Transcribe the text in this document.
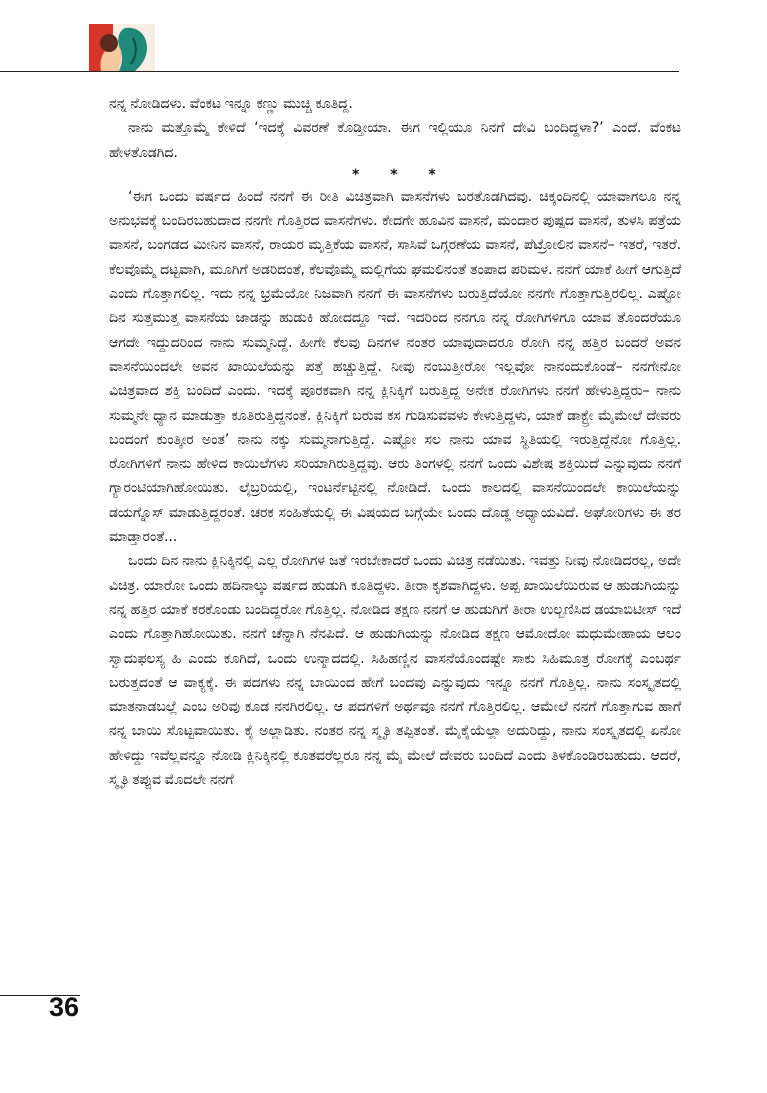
ನನ್ನ ನೋಡಿದಳು. ವೆಂಕಟ ಇನ್ನೂ ಕಣ್ಣು ಮುಚ್ಚಿ ಕೂತಿದ್ದ.

ನಾನು ಮತ್ತೊಮ್ಮೆ ಕೇಳಿದೆ ‘ಇದಕ್ಕೆ ವಿವರಣೆ ಕೊಡ್ತೀಯಾ. ಈಗ ಇಲ್ಲಿಯೂ ನಿನಗೆ ದೇವಿ ಬಂದಿದ್ದಳಾ?’ ಎಂದೆ. ವೆಂಕಟ ಹೇಳತೊಡಗಿದ.

* * *

‘ಈಗ ಒಂದು ವರ್ಷದ ಹಿಂದೆ ನನಗೆ ಈ ರೀತಿ ವಿಚಿತ್ರವಾಗಿ ವಾಸನೆಗಳು ಬರತೊಡಗಿದವು. ಚಿಕ್ಕಂದಿನಲ್ಲಿ ಯಾವಾಗಲೂ ನನ್ನ ಅನುಭವಕ್ಕೆ ಬಂದಿರಬಹುದಾದ ನನಗೇ ಗೊತ್ತಿರದ ವಾಸನೆಗಳು. ಕೇದಗೇ ಹೂವಿನ ವಾಸನೆ, ಮಂದಾರ ಪುಷ್ಪದ ವಾಸನೆ, ತುಳಸಿ ಪತ್ರೆಯ ವಾಸನೆ, ಬಂಗಡದ ಮೀನಿನ ವಾಸನೆ, ರಾಯರ ಮೃತ್ತಿಕೆಯ ವಾಸನೆ, ಸಾಸಿವೆ ಒಗ್ಗರಣೆಯ ವಾಸನೆ, ಪೆಟ್ರೋಲಿನ ವಾಸನೆ– ಇತರೆ, ಇತರೆ. ಕೆಲವೊಮ್ಮೆ ದಟ್ಟವಾಗಿ, ಮೂಗಿಗೆ ಅಡರಿದಂತೆ, ಕೆಲವೊಮ್ಮೆ ಮಲ್ಲಿಗೆಯ ಘಮಲಿನಂತೆ ತಂಪಾದ ಪರಿಮಳ. ನನಗೆ ಯಾಕೆ ಹೀಗೆ ಆಗುತ್ತಿದೆ ಎಂದು ಗೊತ್ತಾಗಲಿಲ್ಲ. ಇದು ನನ್ನ ಭ್ರಮೆಯೋ ನಿಜವಾಗಿ ನನಗೆ ಈ ವಾಸನೆಗಳು ಬರುತ್ತಿದೆಯೋ ನನಗೇ ಗೊತ್ತಾಗುತ್ತಿರಲಿಲ್ಲ. ಎಷ್ಟೋ ದಿನ ಸುತ್ತಮುತ್ತ ವಾಸನೆಯ ಜಾಡನ್ನು ಹುಡುಕಿ ಹೋದದ್ದೂ ಇದೆ. ಇದರಿಂದ ನನಗೂ ನನ್ನ ರೋಗಿಗಳಿಗೂ ಯಾವ ತೊಂದರೆಯೂ ಆಗದೇ ಇದ್ದುದರಿಂದ ನಾನು ಸುಮ್ಮನಿದ್ದೆ. ಹೀಗೇ ಕೆಲವು ದಿನಗಳ ನಂತರ ಯಾವುದಾದರೂ ರೋಗಿ ನನ್ನ ಹತ್ತಿರ ಬಂದರೆ ಅವನ ವಾಸನೆಯಿಂದಲೇ ಅವನ ಖಾಯಿಲೆಯನ್ನು ಪತ್ತೆ ಹಚ್ಚುತ್ತಿದ್ದೆ. ನೀವು ನಂಬುತ್ತೀರೋ ಇಲ್ಲವೋ ನಾನಂದುಕೊಂಡೆ– ನನಗೇನೋ ವಿಚಿತ್ರವಾದ ಶಕ್ತಿ ಬಂದಿದೆ ಎಂದು. ಇದಕ್ಕೆ ಪೂರಕವಾಗಿ ನನ್ನ ಕ್ಲಿನಿಕ್ಕಿಗೆ ಬರುತ್ತಿದ್ದ ಅನೇಕ ರೋಗಿಗಳು ನನಗೆ ಹೇಳುತ್ತಿದ್ದರು– ನಾನು ಸುಮ್ಮನೇ ಧ್ಯಾನ ಮಾಡುತ್ತಾ ಕೂತಿರುತ್ತಿದ್ದನಂತೆ. ಕ್ಲಿನಿಕ್ಕಿಗೆ ಬರುವ ಕಸ ಗುಡಿಸುವವಳು ಕೇಳುತ್ತಿದ್ದಳು, ಯಾಕೆ ಡಾಕ್ಟ್ರೇ ಮೈಮೇಲೆ ದೇವರು ಬಂದಂಗೆ ಕುಂತ್ಕೀರ ಅಂತ’ ನಾನು ನಕ್ಕು ಸುಮ್ಮನಾಗುತ್ತಿದ್ದೆ. ಎಷ್ಟೋ ಸಲ ನಾನು ಯಾವ ಸ್ಥಿತಿಯಲ್ಲಿ ಇರುತ್ತಿದ್ದೆನೋ ಗೊತ್ತಿಲ್ಲ. ರೋಗಿಗಳಿಗೆ ನಾನು ಹೇಳಿದ ಕಾಯಿಲೆಗಳು ಸರಿಯಾಗಿರುತ್ತಿದ್ದವು. ಆರು ತಿಂಗಳಲ್ಲಿ ನನಗೆ ಒಂದು ವಿಶೇಷ ಶಕ್ತಿಯಿದೆ ಎನ್ನುವುದು ನನಗೆ ಗ್ಯಾರಂಟಿಯಾಗಿಹೋಯಿತು. ಲೈಬ್ರರಿಯಲ್ಲಿ, ಇಂಟರ್ನೆಟ್ಟಿನಲ್ಲಿ ನೋಡಿದೆ. ಒಂದು ಕಾಲದಲ್ಲಿ ವಾಸನೆಯಿಂದಲೇ ಕಾಯಿಲೆಯನ್ನು ಡಯಗ್ನೊಸ್ ಮಾಡುತ್ತಿದ್ದರಂತೆ. ಚರಕ ಸಂಹಿತೆಯಲ್ಲಿ ಈ ವಿಷಯದ ಬಗ್ಗೆಯೇ ಒಂದು ದೊಡ್ಡ ಅಧ್ಯಾಯವಿದೆ. ಅಘೋರಿಗಳು ಈ ತರ ಮಾಡ್ತಾರಂತೆ...

ಒಂದು ದಿನ ನಾನು ಕ್ಲಿನಿಕ್ಕಿನಲ್ಲಿ ಎಲ್ಲ ರೋಗಿಗಳ ಜತೆ ಇರಬೇಕಾದರೆ ಒಂದು ವಿಚಿತ್ರ ನಡೆಯಿತು. ಇವತ್ತು ನೀವು ನೋಡಿದರಲ್ಲ, ಅದೇ ವಿಚಿತ್ರ. ಯಾರೋ ಒಂದು ಹದಿನಾಲ್ಕು ವರ್ಷದ ಹುಡುಗಿ ಕೂತಿದ್ದಳು. ತೀರಾ ಕೃಶವಾಗಿದ್ದಳು. ಅಪ್ಪ ಖಾಯಿಲೆಯಿರುವ ಆ ಹುಡುಗಿಯನ್ನು ನನ್ನ ಹತ್ತಿರ ಯಾಕೆ ಕರಕೊಂಡು ಬಂದಿದ್ದರೋ ಗೊತ್ತಿಲ್ಲ. ನೋಡಿದ ತಕ್ಷಣ ನನಗೆ ಆ ಹುಡುಗಿಗೆ ತೀರಾ ಉಲ್ಬಣಿಸಿದ ಡಯಾಬಿಟೀಸ್ ಇದೆ ಎಂದು ಗೊತ್ತಾಗಿಹೋಯಿತು. ನನಗೆ ಚೆನ್ನಾಗಿ ನೆನಪಿದೆ. ಆ ಹುಡುಗಿಯನ್ನು ನೋಡಿದ ತಕ್ಷಣ ಆಮೋದೋ ಮಧುಮೇಹಾಯ ಆಲಂ ಸ್ವಾದುಫಲಸ್ಯ ಹಿ ಎಂದು ಕೂಗಿದೆ, ಒಂದು ಉನ್ಮಾದದಲ್ಲಿ. ಸಿಹಿಹಣ್ಣಿನ ವಾಸನೆಯೊಂದಷ್ಟೇ ಸಾಕು ಸಿಹಿಮೂತ್ರ ರೋಗಕ್ಕೆ ಎಂಬರ್ಥ ಬರುತ್ತದಂತೆ ಆ ವಾಕ್ಯಕ್ಕೆ. ಈ ಪದಗಳು ನನ್ನ ಬಾಯಿಂದ ಹೇಗೆ ಬಂದವು ಎನ್ನುವುದು ಇನ್ನೂ ನನಗೆ ಗೊತ್ತಿಲ್ಲ. ನಾನು ಸಂಸ್ಕೃತದಲ್ಲಿ ಮಾತನಾಡಬಲ್ಲೆ ಎಂಬ ಅರಿವು ಕೂಡ ನನಗಿರಲಿಲ್ಲ. ಆ ಪದಗಳಿಗೆ ಅರ್ಥವೂ ನನಗೆ ಗೊತ್ತಿರಲಿಲ್ಲ. ಆಮೇಲೆ ನನಗೆ ಗೊತ್ತಾಗುವ ಹಾಗೆ ನನ್ನ ಬಾಯಿ ಸೊಟ್ಟವಾಯಿತು. ಕೈ ಅಲ್ಲಾಡಿತು. ನಂತರ ನನ್ನ ಸ್ಮೃತಿ ತಪ್ಪಿತಂತೆ. ಮೈಕೈಯೆಲ್ಲಾ ಅದುರಿದ್ದು, ನಾನು ಸಂಸ್ಕೃತದಲ್ಲಿ ಏನೋ ಹೇಳಿದ್ದು ಇವೆಲ್ಲವನ್ನೂ ನೋಡಿ ಕ್ಲಿನಿಕ್ಕಿನಲ್ಲಿ ಕೂತವರೆಲ್ಲರೂ ನನ್ನ ಮೈ ಮೇಲೆ ದೇವರು ಬಂದಿದೆ ಎಂದು ತಿಳಕೊಂಡಿರಬಹುದು. ಆದರೆ, ಸ್ಮೃತಿ ತಪ್ಪುವ ಮೊದಲೇ ನನಗೆ

36
